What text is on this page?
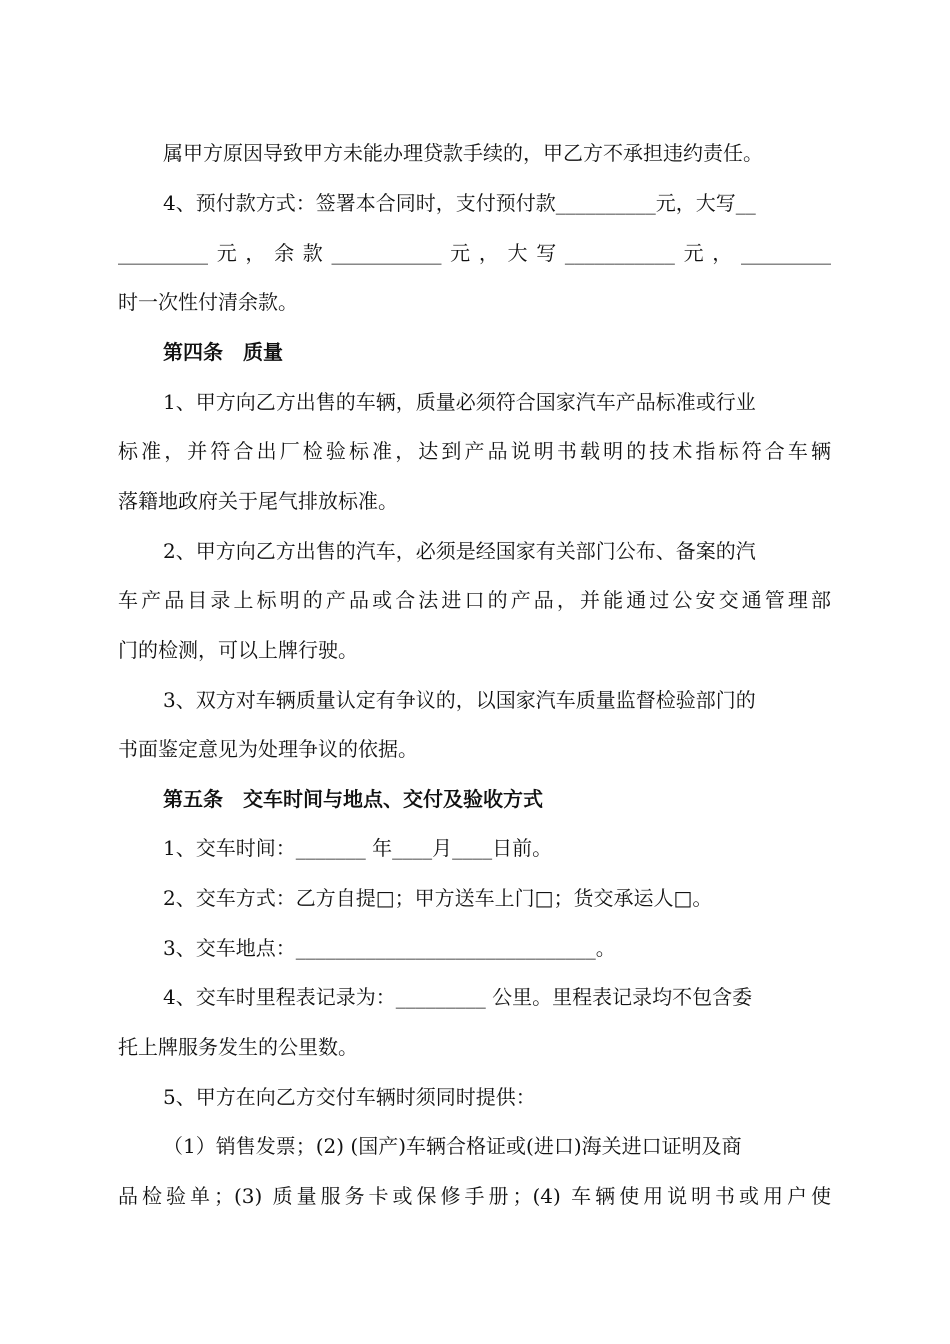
属甲方原因导致甲方未能办理贷款手续的，甲乙方不承担违约责任。
4、预付款方式：签署本合同时，支付预付款__________元，大写__
_________元，余款___________元，大写___________元，_________
时一次性付清余款。
第四条　质量
1、甲方向乙方出售的车辆，质量必须符合国家汽车产品标准或行业
标准，并符合出厂检验标准，达到产品说明书载明的技术指标符合车辆
落籍地政府关于尾气排放标准。
2、甲方向乙方出售的汽车，必须是经国家有关部门公布、备案的汽
车产品目录上标明的产品或合法进口的产品，并能通过公安交通管理部
门的检测，可以上牌行驶。
3、双方对车辆质量认定有争议的，以国家汽车质量监督检验部门的
书面鉴定意见为处理争议的依据。
第五条　交车时间与地点、交付及验收方式
1、交车时间：_______ 年____月____日前。
2、交车方式：乙方自提□；甲方送车上门□；货交承运人□。
3、交车地点：______________________________。
4、交车时里程表记录为：_________ 公里。里程表记录均不包含委
托上牌服务发生的公里数。
5、甲方在向乙方交付车辆时须同时提供：
（1）销售发票；(2) (国产)车辆合格证或(进口)海关进口证明及商
品检验单；(3) 质量服务卡或保修手册；(4) 车辆使用说明书或用户使
